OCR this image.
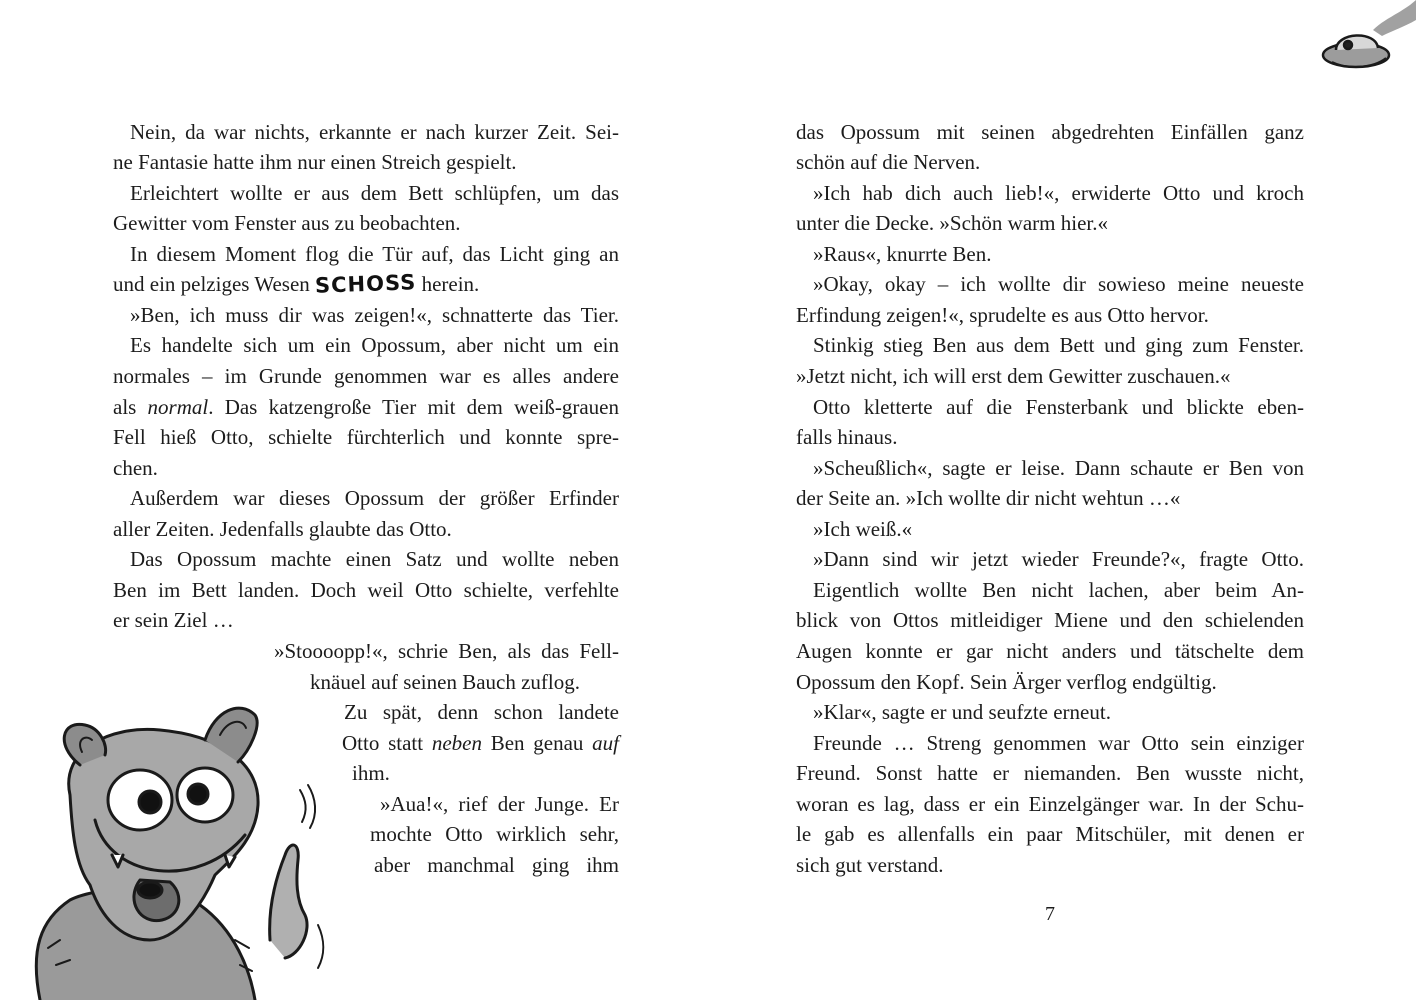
Nein, da war nichts, erkannte er nach kurzer Zeit. Sei-
ne Fantasie hatte ihm nur einen Streich gespielt.
Erleichtert wollte er aus dem Bett schlüpfen, um das
Gewitter vom Fenster aus zu beobachten.
In diesem Moment flog die Tür auf, das Licht ging an
und ein pelziges Wesen SCHOSS herein.
»Ben, ich muss dir was zeigen!«, schnatterte das Tier.
Es handelte sich um ein Opossum, aber nicht um ein
normales – im Grunde genommen war es alles andere
als normal. Das katzengroße Tier mit dem weiß-grauen
Fell hieß Otto, schielte fürchterlich und konnte spre-
chen.
Außerdem war dieses Opossum der größer Erfinder
aller Zeiten. Jedenfalls glaubte das Otto.
Das Opossum machte einen Satz und wollte neben
Ben im Bett landen. Doch weil Otto schielte, verfehlte
er sein Ziel …
»Stoooopp!«, schrie Ben, als das Fell-
knäuel auf seinen Bauch zuflog.
Zu spät, denn schon landete
Otto statt neben Ben genau auf
ihm.
»Aua!«, rief der Junge. Er
mochte Otto wirklich sehr,
aber manchmal ging ihm
das Opossum mit seinen abgedrehten Einfällen ganz
schön auf die Nerven.
»Ich hab dich auch lieb!«, erwiderte Otto und kroch
unter die Decke. »Schön warm hier.«
»Raus«, knurrte Ben.
»Okay, okay – ich wollte dir sowieso meine neueste
Erfindung zeigen!«, sprudelte es aus Otto hervor.
Stinkig stieg Ben aus dem Bett und ging zum Fenster.
»Jetzt nicht, ich will erst dem Gewitter zuschauen.«
Otto kletterte auf die Fensterbank und blickte eben-
falls hinaus.
»Scheußlich«, sagte er leise. Dann schaute er Ben von
der Seite an. »Ich wollte dir nicht wehtun …«
»Ich weiß.«
»Dann sind wir jetzt wieder Freunde?«, fragte Otto.
Eigentlich wollte Ben nicht lachen, aber beim An-
blick von Ottos mitleidiger Miene und den schielenden
Augen konnte er gar nicht anders und tätschelte dem
Opossum den Kopf. Sein Ärger verflog endgültig.
»Klar«, sagte er und seufzte erneut.
Freunde … Streng genommen war Otto sein einziger
Freund. Sonst hatte er niemanden. Ben wusste nicht,
woran es lag, dass er ein Einzelgänger war. In der Schu-
le gab es allenfalls ein paar Mitschüler, mit denen er
sich gut verstand.
7
